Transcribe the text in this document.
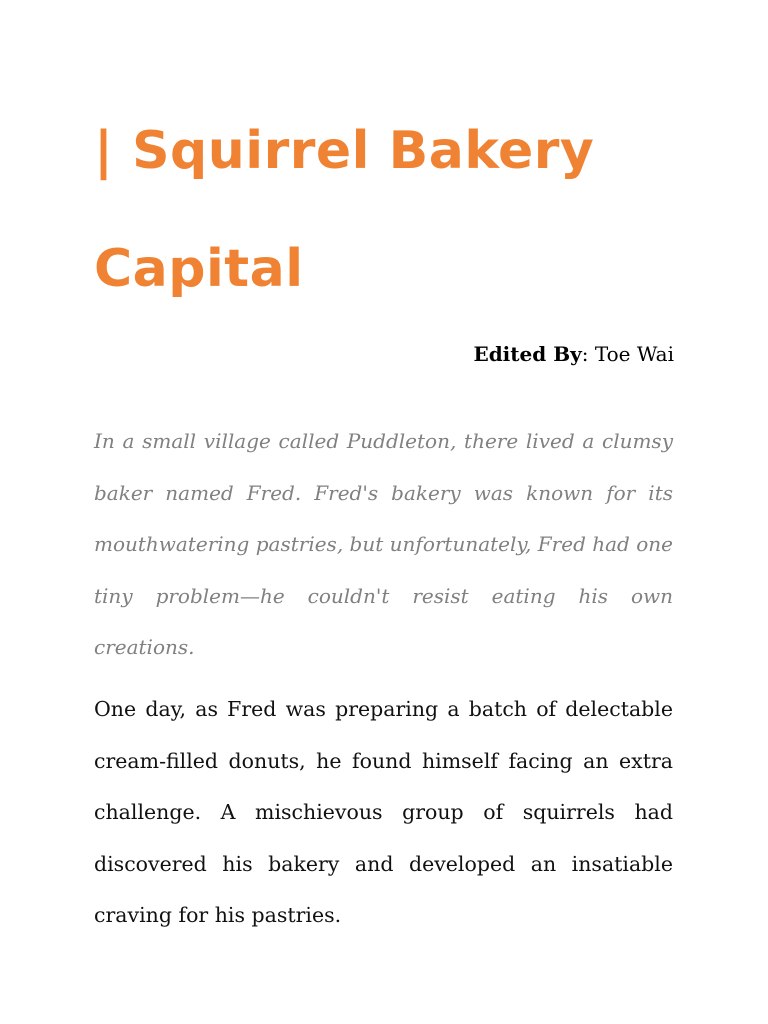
| Squirrel Bakery Capital

Edited By: Toe Wai

In a small village called Puddleton, there lived a clumsy baker named Fred. Fred's bakery was known for its mouthwatering pastries, but unfortunately, Fred had one tiny problem—he couldn't resist eating his own creations.

One day, as Fred was preparing a batch of delectable cream-filled donuts, he found himself facing an extra challenge. A mischievous group of squirrels had discovered his bakery and developed an insatiable craving for his pastries.
